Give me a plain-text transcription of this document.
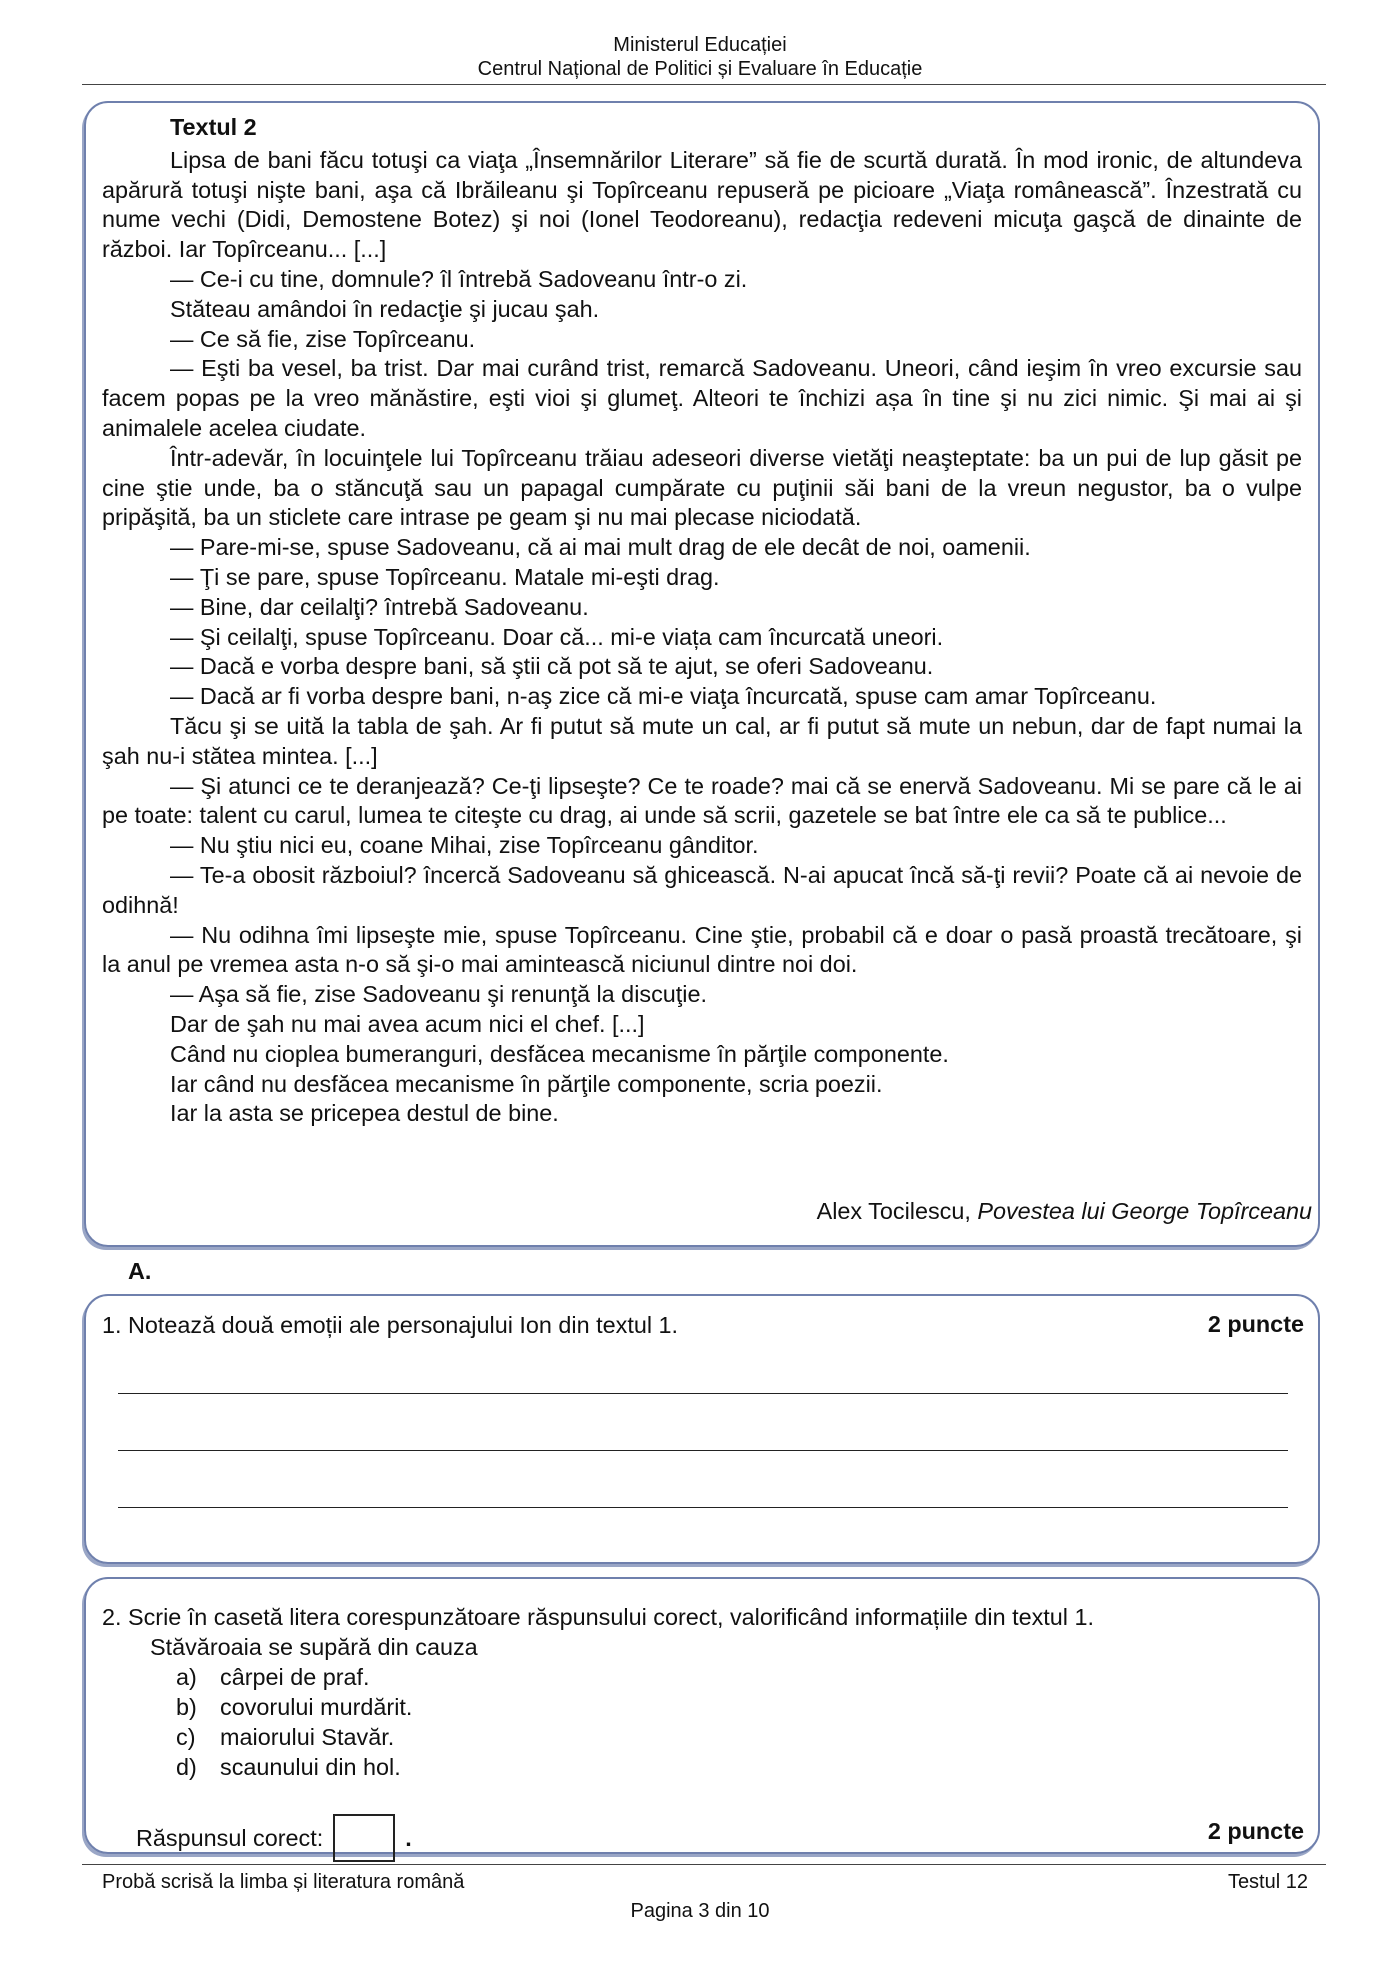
Ministerul Educației
Centrul Național de Politici și Evaluare în Educație
Textul 2

Lipsa de bani făcu totuşi ca viaţa „Însemnărilor Literare” să fie de scurtă durată. În mod ironic, de altundeva apărură totuşi nişte bani, aşa că Ibrăileanu şi Topîrceanu repuseră pe picioare „Viaţa românească”. Înzestrată cu nume vechi (Didi, Demostene Botez) şi noi (Ionel Teodoreanu), redacţia redeveni micuţa gaşcă de dinainte de război. Iar Topîrceanu... [...]

— Ce-i cu tine, domnule? îl întrebă Sadoveanu într-o zi.

Stăteau amândoi în redacţie şi jucau şah.

— Ce să fie, zise Topîrceanu.

— Eşti ba vesel, ba trist. Dar mai curând trist, remarcă Sadoveanu. Uneori, când ieşim în vreo excursie sau facem popas pe la vreo mănăstire, eşti vioi şi glumeţ. Alteori te închizi așa în tine şi nu zici nimic. Şi mai ai şi animalele acelea ciudate.

Într-adevăr, în locuinţele lui Topîrceanu trăiau adeseori diverse vietăţi neaşteptate: ba un pui de lup găsit pe cine ştie unde, ba o stăncuţă sau un papagal cumpărate cu puţinii săi bani de la vreun negustor, ba o vulpe pripăşită, ba un sticlete care intrase pe geam şi nu mai plecase niciodată.

— Pare-mi-se, spuse Sadoveanu, că ai mai mult drag de ele decât de noi, oamenii.

— Ţi se pare, spuse Topîrceanu. Matale mi-eşti drag.

— Bine, dar ceilalţi? întrebă Sadoveanu.

— Şi ceilalţi, spuse Topîrceanu. Doar că... mi-e viața cam încurcată uneori.

— Dacă e vorba despre bani, să ştii că pot să te ajut, se oferi Sadoveanu.

— Dacă ar fi vorba despre bani, n-aş zice că mi-e viaţa încurcată, spuse cam amar Topîrceanu.

Tăcu şi se uită la tabla de şah. Ar fi putut să mute un cal, ar fi putut să mute un nebun, dar de fapt numai la şah nu-i stătea mintea. [...]

— Şi atunci ce te deranjează? Ce-ţi lipseşte? Ce te roade? mai că se enervă Sadoveanu. Mi se pare că le ai pe toate: talent cu carul, lumea te citeşte cu drag, ai unde să scrii, gazetele se bat între ele ca să te publice...

— Nu ştiu nici eu, coane Mihai, zise Topîrceanu gânditor.

— Te-a obosit războiul? încercă Sadoveanu să ghicească. N-ai apucat încă să-ţi revii? Poate că ai nevoie de odihnă!

— Nu odihna îmi lipseşte mie, spuse Topîrceanu. Cine ştie, probabil că e doar o pasă proastă trecătoare, şi la anul pe vremea asta n-o să şi-o mai amintească niciunul dintre noi doi.

— Aşa să fie, zise Sadoveanu şi renunţă la discuţie.

Dar de şah nu mai avea acum nici el chef. [...]

Când nu cioplea bumeranguri, desfăcea mecanisme în părţile componente.

Iar când nu desfăcea mecanisme în părţile componente, scria poezii.

Iar la asta se pricepea destul de bine.

Alex Tocilescu, Povestea lui George Topîrceanu
A.
1. Notează două emoții ale personajului Ion din textul 1.	2 puncte
2. Scrie în casetă litera corespunzătoare răspunsului corect, valorificând informațiile din textul 1.
Stăvăroaia se supără din cauza
a) cârpei de praf.
b) covorului murdărit.
c) maiorului Stavăr.
d) scaunului din hol.
Răspunsul corect:	.	2 puncte
Probă scrisă la limba și literatura română	Testul 12
Pagina 3 din 10
